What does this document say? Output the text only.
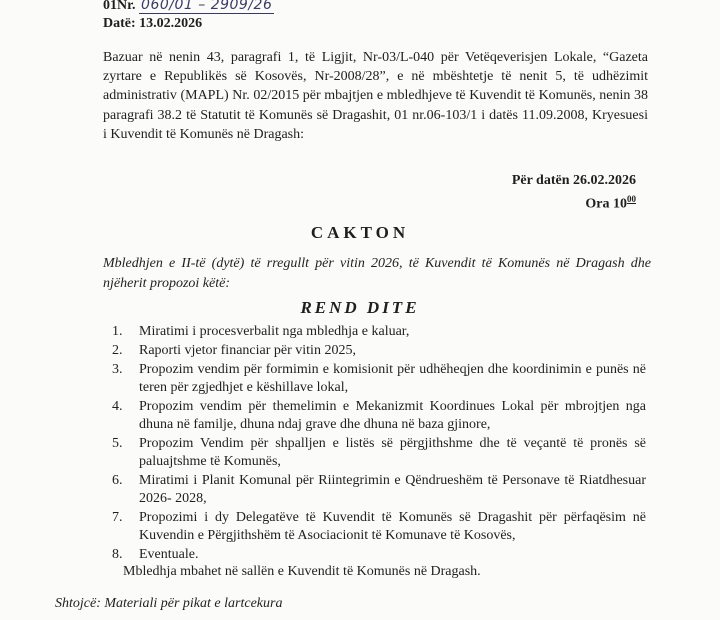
01Nr. 060/01 – 2909/26
Datë: 13.02.2026
Bazuar në nenin 43, paragrafi 1, të Ligjit, Nr-03/L-040 për Vetëqeverisjen Lokale, “Gazeta zyrtare e Republikës së Kosovës, Nr-2008/28”, e në mbështetje të nenit 5, të udhëzimit administrativ (MAPL) Nr. 02/2015 për mbajtjen e mbledhjeve të Kuvendit të Komunës, nenin 38 paragrafi 38.2 të Statutit të Komunës së Dragashit, 01 nr.06-103/1 i datës 11.09.2008, Kryesuesi i Kuvendit të Komunës në Dragash:
Për datën 26.02.2026
Ora $10^{00}$
CAKTON
Mbledhjen e II-të (dytë) të rregullt për vitin 2026, të Kuvendit të Komunës në Dragash dhe njëherit propozoi këtë:
REND DITE
1. Miratimi i procesverbalit nga mbledhja e kaluar,
2. Raporti vjetor financiar për vitin 2025,
3. Propozim vendim për formimin e komisionit për udhëheqjen dhe koordinimin e punës në teren për zgjedhjet e këshillave lokal,
4. Propozim vendim për themelimin e Mekanizmit Koordinues Lokal për mbrojtjen nga dhuna në familje, dhuna ndaj grave dhe dhuna në baza gjinore,
5. Propozim Vendim për shpalljen e listës së përgjithshme dhe të veçantë të pronës së paluajtshme të Komunës,
6. Miratimi i Planit Komunal për Riintegrimin e Qëndrueshëm të Personave të Riatdhesuar 2026- 2028,
7. Propozimi i dy Delegatëve të Kuvendit të Komunës së Dragashit për përfaqësim në Kuvendin e Përgjithshëm të Asociacionit të Komunave të Kosovës,
8. Eventuale.
Mbledhja mbahet në sallën e Kuvendit të Komunës në Dragash.
Shtojcë: Materiali për pikat e lartcekura
